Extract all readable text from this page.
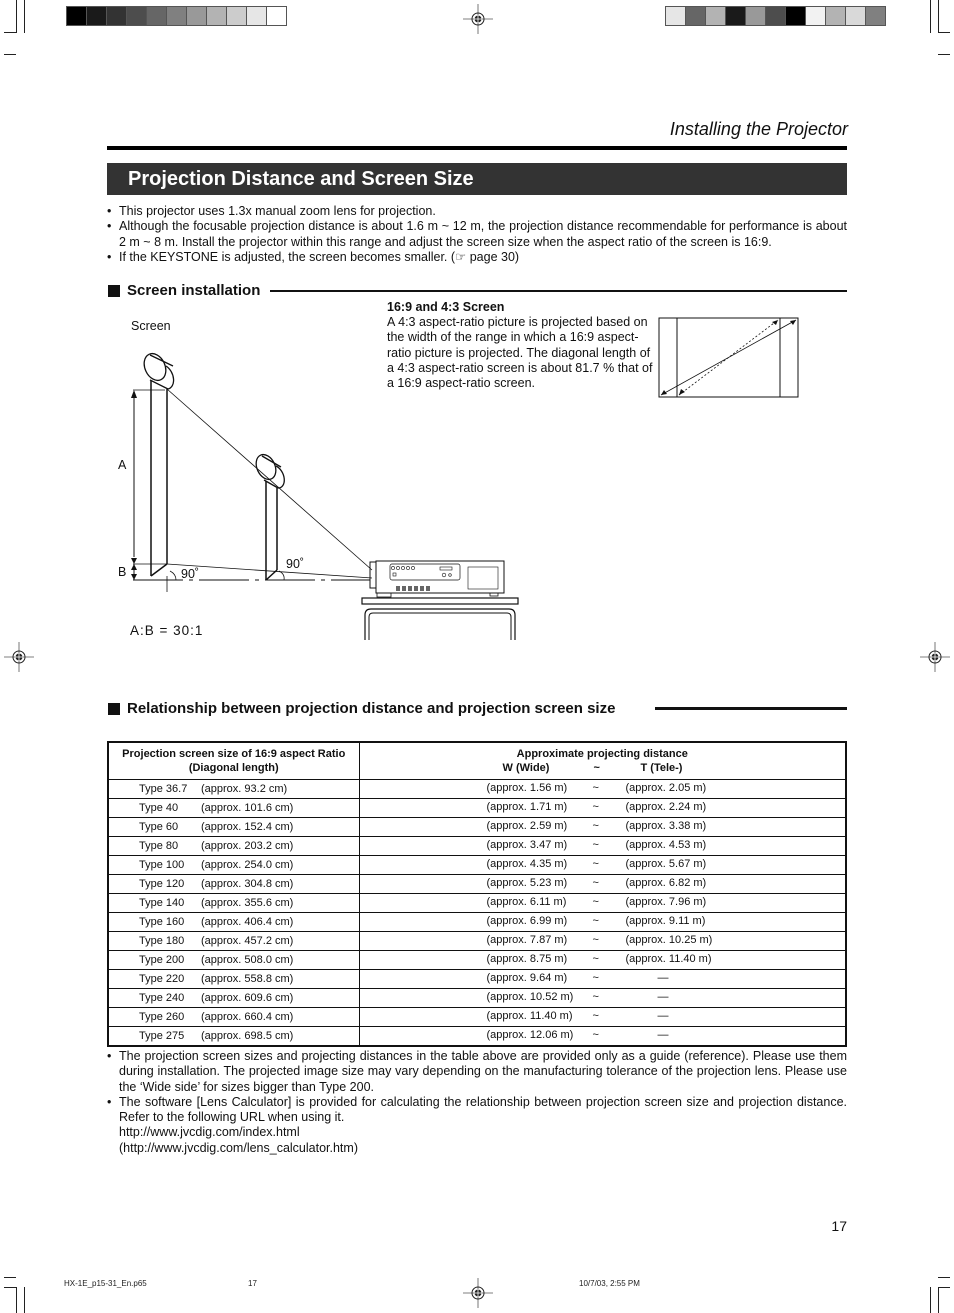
Installing the Projector
Projection Distance and Screen Size
• This projector uses 1.3x manual zoom lens for projection.
• Although the focusable projection distance is about 1.6 m ~ 12 m, the projection distance recommendable for performance is about 2 m ~ 8 m. Install the projector within this range and adjust the screen size when the aspect ratio of the screen is 16:9.
• If the KEYSTONE is adjusted, the screen becomes smaller. (☞ page 30)
Screen installation
Screen
A
B	90˚
90˚
A:B = 30:1
16:9 and 4:3 Screen
A 4:3 aspect-ratio picture is projected based on the width of the range in which a 16:9 aspect-ratio picture is projected. The diagonal length of a 4:3 aspect-ratio screen is about 81.7 % that of a 16:9 aspect-ratio screen.
Relationship between projection distance and projection screen size
Projection screen size of 16:9 aspect Ratio
(Diagonal length)

Approximate projecting distance
W (Wide)	~	T (Tele-)

Type 36.7 (approx. 93.2 cm)	(approx. 1.56 m) ~ (approx. 2.05 m)

Type 40 (approx. 101.6 cm)	(approx. 1.71 m) ~ (approx. 2.24 m)

Type 60 (approx. 152.4 cm)	(approx. 2.59 m) ~ (approx. 3.38 m)

Type 80 (approx. 203.2 cm)	(approx. 3.47 m) ~ (approx. 4.53 m)

Type 100 (approx. 254.0 cm)	(approx. 4.35 m) ~ (approx. 5.67 m)

Type 120 (approx. 304.8 cm)	(approx. 5.23 m) ~ (approx. 6.82 m)

Type 140 (approx. 355.6 cm)	(approx. 6.11 m) ~ (approx. 7.96 m)

Type 160 (approx. 406.4 cm)	(approx. 6.99 m) ~ (approx. 9.11 m)

Type 180 (approx. 457.2 cm)	(approx. 7.87 m) ~ (approx. 10.25 m)

Type 200 (approx. 508.0 cm)	(approx. 8.75 m) ~ (approx. 11.40 m)

Type 220 (approx. 558.8 cm)	(approx. 9.64 m) ~ —

Type 240 (approx. 609.6 cm)	(approx. 10.52 m) ~ —

Type 260 (approx. 660.4 cm)	(approx. 11.40 m) ~ —

Type 275 (approx. 698.5 cm)	(approx. 12.06 m) ~ —
• The projection screen sizes and projecting distances in the table above are provided only as a guide (reference). Please use them during installation. The projected image size may vary depending on the manufacturing tolerance of the projection lens. Please use the ‘Wide side’ for sizes bigger than Type 200.
• The software [Lens Calculator] is provided for calculating the relationship between projection screen size and projection distance. Refer to the following URL when using it.
http://www.jvcdig.com/index.html
(http://www.jvcdig.com/lens_calculator.htm)
17
HX-1E_p15-31_En.p65	17	10/7/03, 2:55 PM
